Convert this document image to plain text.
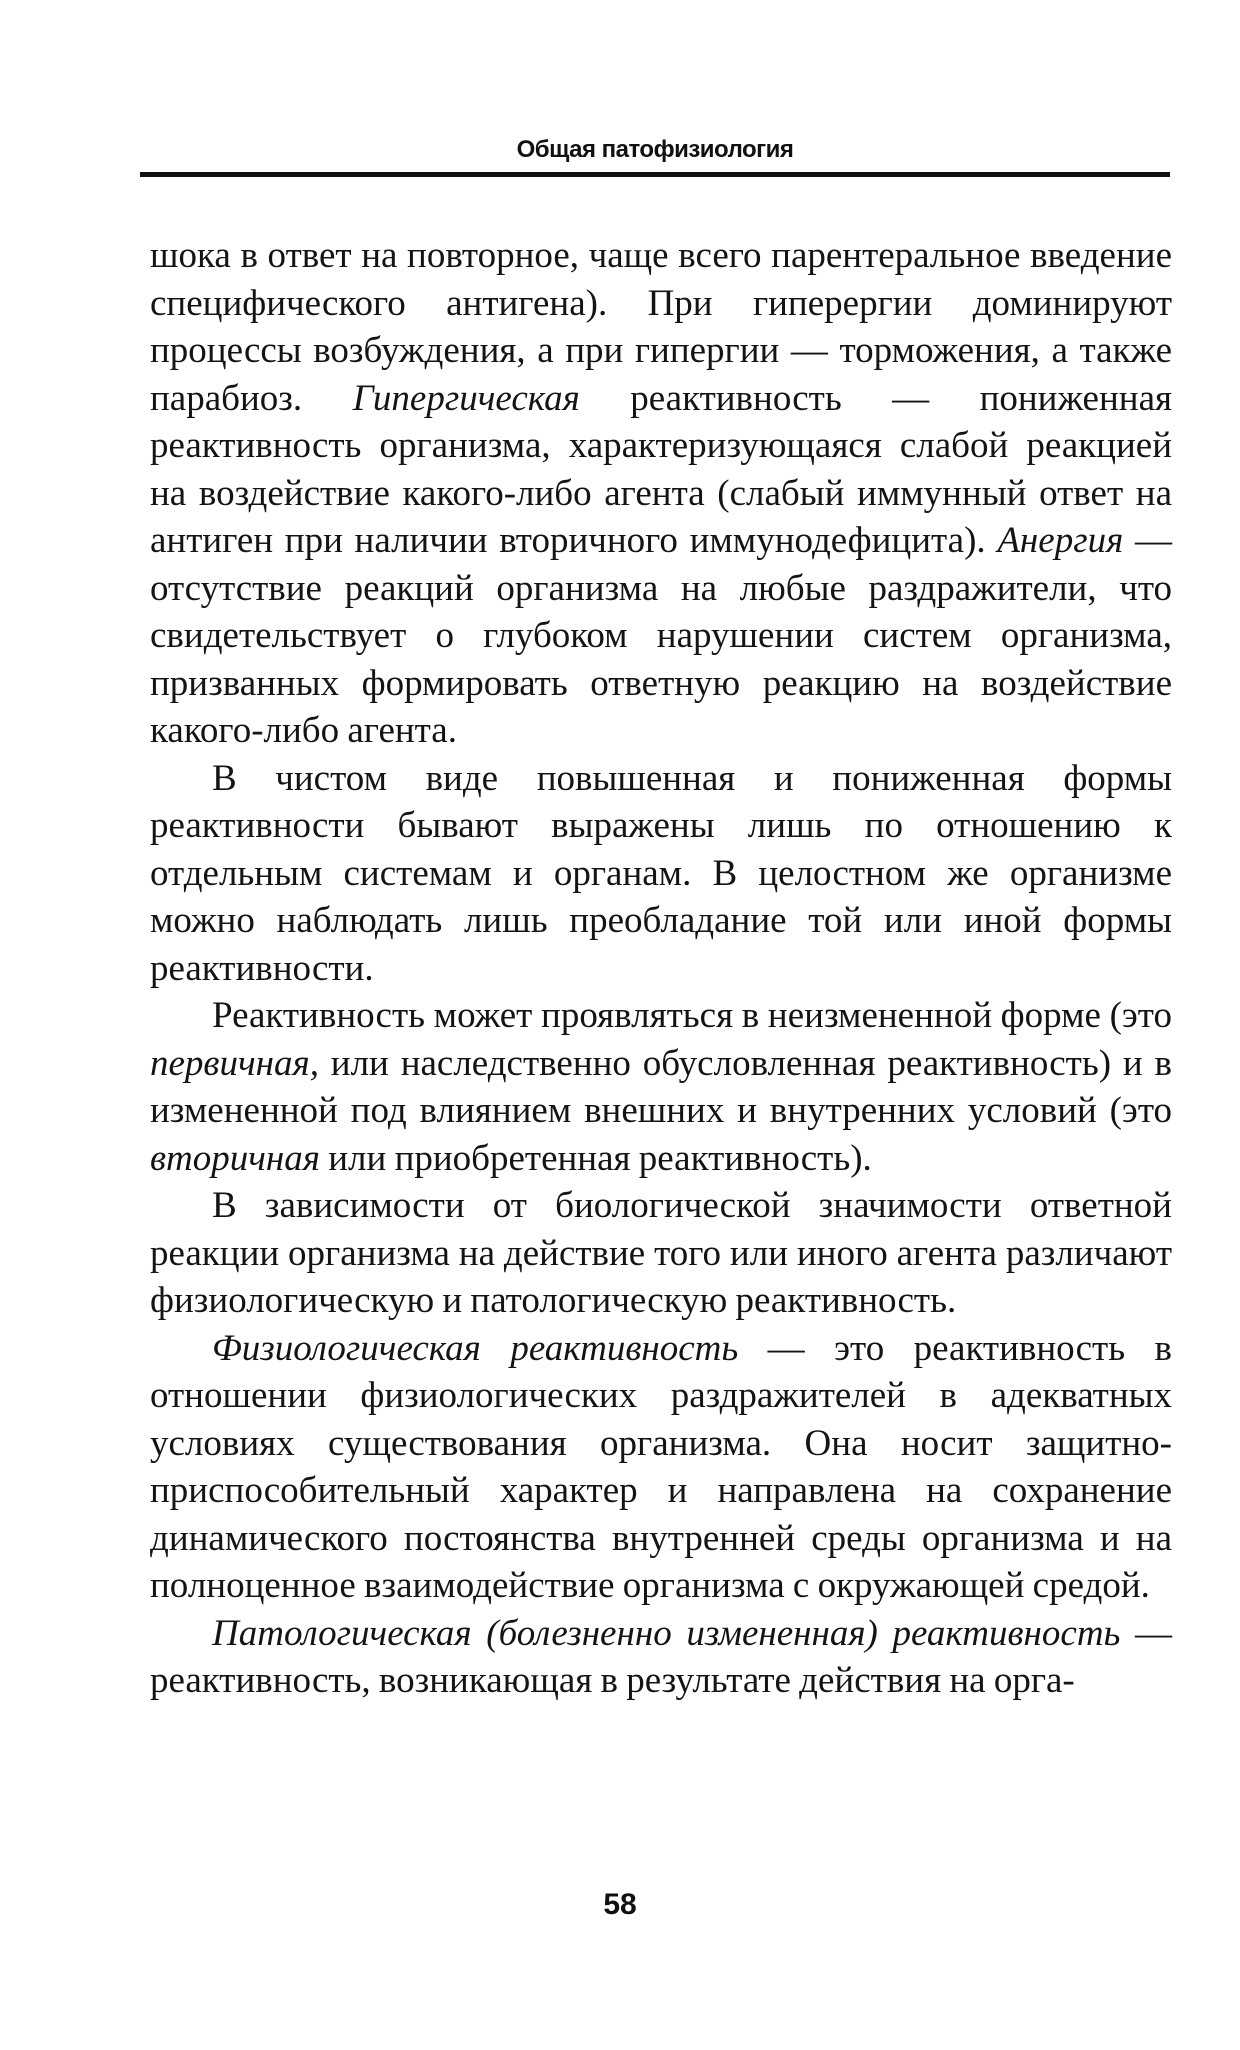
Общая патофизиология

шока в ответ на повторное, чаще всего парентеральное введение специфического антигена). При гиперергии доминируют процессы возбуждения, а при гипергии — торможения, а также парабиоз. Гипергическая реактивность — пониженная реактивность организма, характеризующаяся слабой реакцией на воздействие какого-либо агента (слабый иммунный ответ на антиген при наличии вторичного иммунодефицита). Анергия — отсутствие реакций организма на любые раздражители, что свидетельствует о глубоком нарушении систем организма, призванных формировать ответную реакцию на воздействие какого-либо агента.

В чистом виде повышенная и пониженная формы реактивности бывают выражены лишь по отношению к отдельным системам и органам. В целостном же организме можно наблюдать лишь преобладание той или иной формы реактивности.

Реактивность может проявляться в неизмененной форме (это первичная, или наследственно обусловленная реактивность) и в измененной под влиянием внешних и внутренних условий (это вторичная или приобретенная реактивность).

В зависимости от биологической значимости ответной реакции организма на действие того или иного агента различают физиологическую и патологическую реактивность.

Физиологическая реактивность — это реактивность в отношении физиологических раздражителей в адекватных условиях существования организма. Она носит защитно-приспособительный характер и направлена на сохранение динамического постоянства внутренней среды организма и на полноценное взаимодействие организма с окружающей средой.

Патологическая (болезненно измененная) реактивность — реактивность, возникающая в результате действия на орга-

58
